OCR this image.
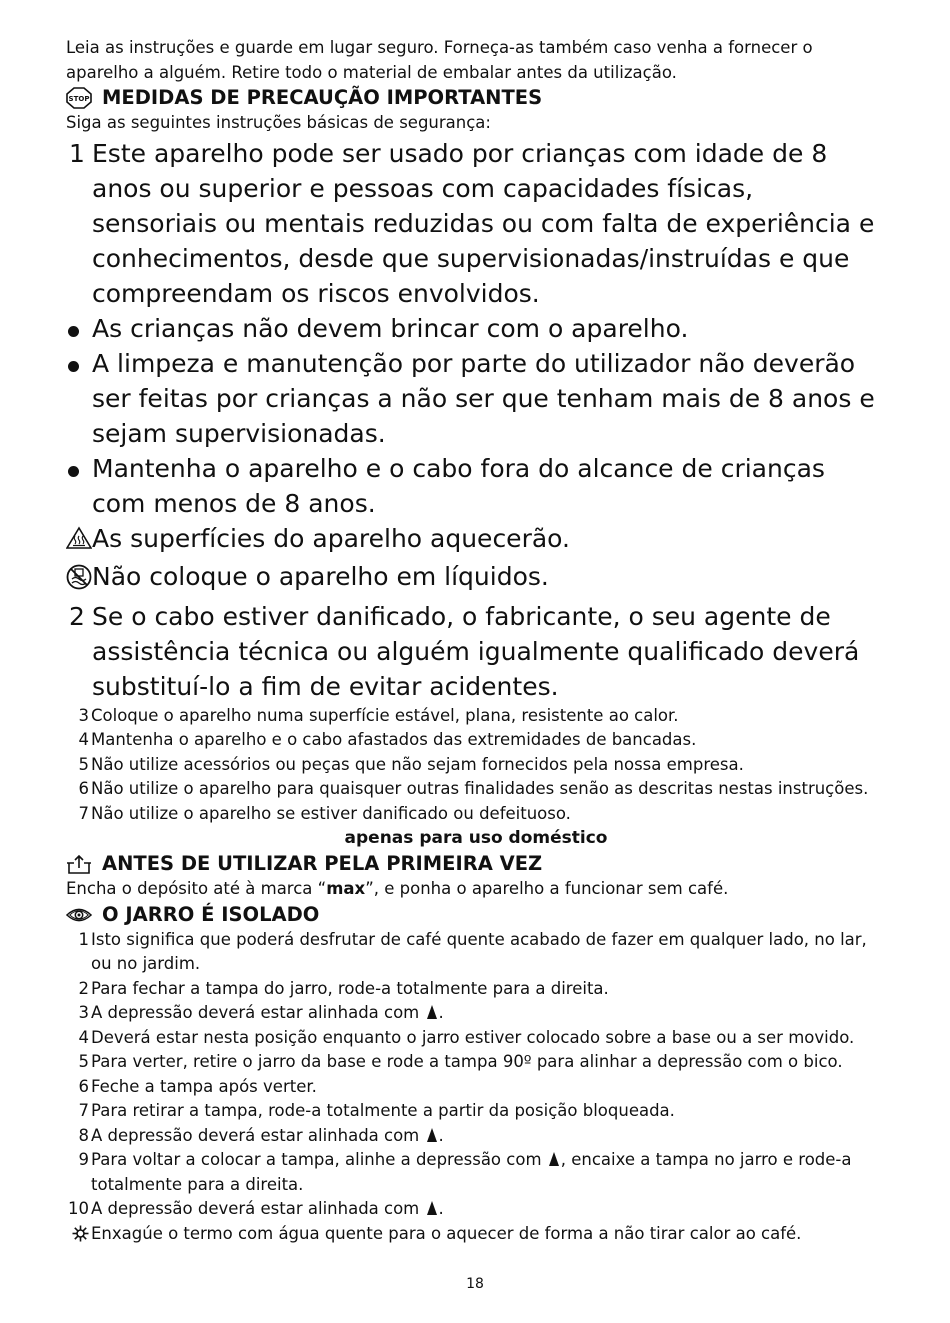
Leia as instruções e guarde em lugar seguro. Forneça-as também caso venha a fornecer o aparelho a alguém. Retire todo o material de embalar antes da utilização.
STOP MEDIDAS DE PRECAUÇÃO IMPORTANTES
Siga as seguintes instruções básicas de segurança:
1 Este aparelho pode ser usado por crianças com idade de 8 anos ou superior e pessoas com capacidades físicas, sensoriais ou mentais reduzidas ou com falta de experiência e conhecimentos, desde que supervisionadas/instruídas e que compreendam os riscos envolvidos.
As crianças não devem brincar com o aparelho.
A limpeza e manutenção por parte do utilizador não deverão ser feitas por crianças a não ser que tenham mais de 8 anos e sejam supervisionadas.
Mantenha o aparelho e o cabo fora do alcance de crianças com menos de 8 anos.
As superfícies do aparelho aquecerão.
Não coloque o aparelho em líquidos.
2 Se o cabo estiver danificado, o fabricante, o seu agente de assistência técnica ou alguém igualmente qualificado deverá substituí-lo a fim de evitar acidentes.
3 Coloque o aparelho numa superfície estável, plana, resistente ao calor.
4 Mantenha o aparelho e o cabo afastados das extremidades de bancadas.
5 Não utilize acessórios ou peças que não sejam fornecidos pela nossa empresa.
6 Não utilize o aparelho para quaisquer outras finalidades senão as descritas nestas instruções.
7 Não utilize o aparelho se estiver danificado ou defeituoso.
apenas para uso doméstico
ANTES DE UTILIZAR PELA PRIMEIRA VEZ
Encha o depósito até à marca “max”, e ponha o aparelho a funcionar sem café.
O JARRO É ISOLADO
1 Isto significa que poderá desfrutar de café quente acabado de fazer em qualquer lado, no lar, ou no jardim.
2 Para fechar a tampa do jarro, rode-a totalmente para a direita.
3 A depressão deverá estar alinhada com .
4 Deverá estar nesta posição enquanto o jarro estiver colocado sobre a base ou a ser movido.
5 Para verter, retire o jarro da base e rode a tampa 90º para alinhar a depressão com o bico.
6 Feche a tampa após verter.
7 Para retirar a tampa, rode-a totalmente a partir da posição bloqueada.
8 A depressão deverá estar alinhada com .
9 Para voltar a colocar a tampa, alinhe a depressão com , encaixe a tampa no jarro e rode-a totalmente para a direita.
10 A depressão deverá estar alinhada com .
Enxagúe o termo com água quente para o aquecer de forma a não tirar calor ao café.
18
